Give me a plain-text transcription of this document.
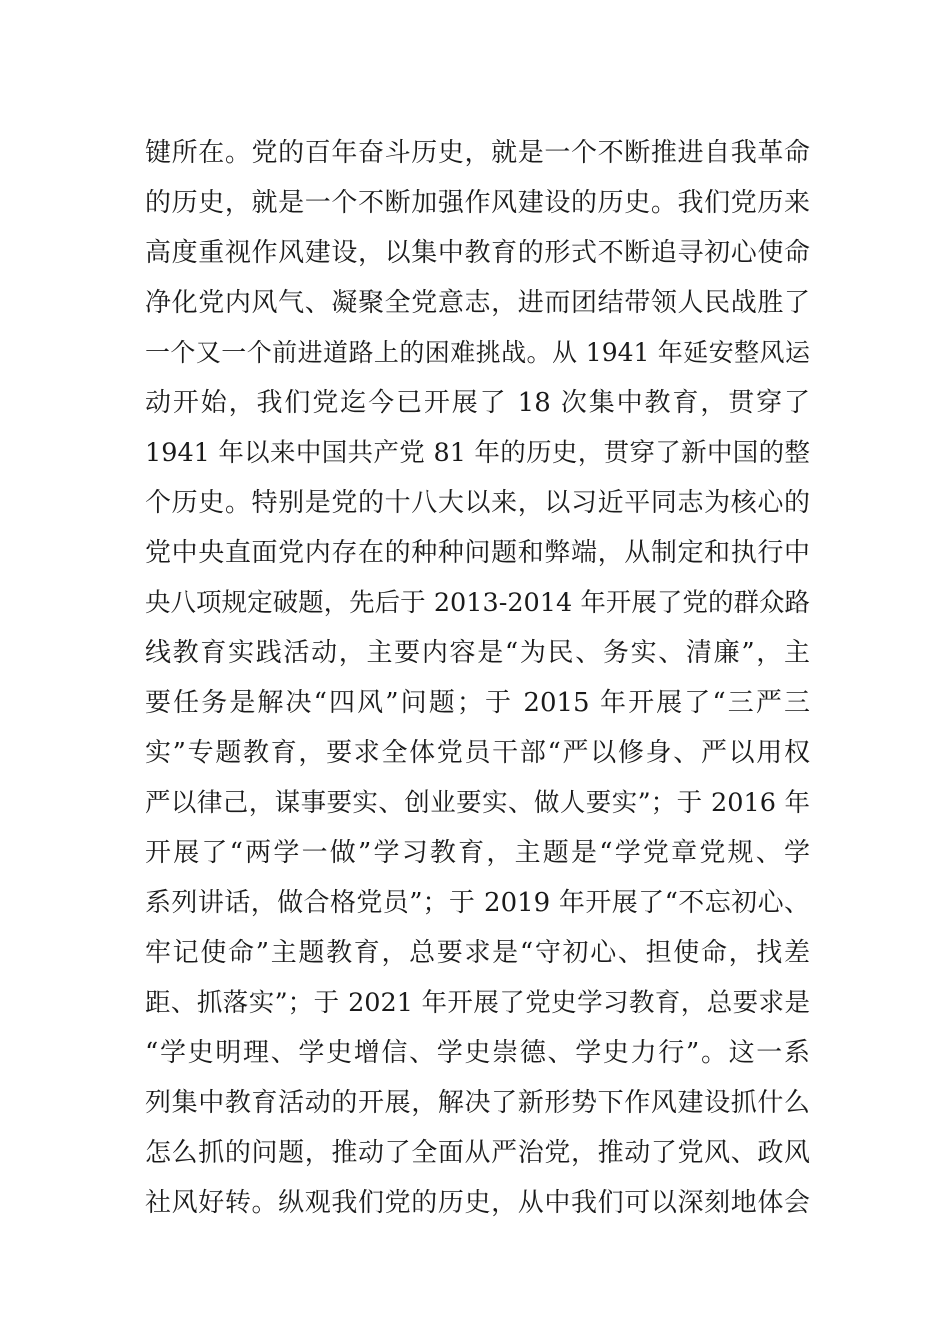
键所在。党的百年奋斗历史，就是一个不断推进自我革命
的历史，就是一个不断加强作风建设的历史。我们党历来
高度重视作风建设，以集中教育的形式不断追寻初心使命
净化党内风气、凝聚全党意志，进而团结带领人民战胜了
一个又一个前进道路上的困难挑战。从 1941 年延安整风运
动开始，我们党迄今已开展了 18 次集中教育，贯穿了
1941 年以来中国共产党 81 年的历史，贯穿了新中国的整
个历史。特别是党的十八大以来，以习近平同志为核心的
党中央直面党内存在的种种问题和弊端，从制定和执行中
央八项规定破题，先后于 2013-2014 年开展了党的群众路
线教育实践活动，主要内容是“为民、务实、清廉”，主
要任务是解决“四风”问题；于 2015 年开展了“三严三
实”专题教育，要求全体党员干部“严以修身、严以用权
严以律己，谋事要实、创业要实、做人要实”；于 2016 年
开展了“两学一做”学习教育，主题是“学党章党规、学
系列讲话，做合格党员”；于 2019 年开展了“不忘初心、
牢记使命”主题教育，总要求是“守初心、担使命，找差
距、抓落实”；于 2021 年开展了党史学习教育，总要求是
“学史明理、学史增信、学史崇德、学史力行”。这一系
列集中教育活动的开展，解决了新形势下作风建设抓什么
怎么抓的问题，推动了全面从严治党，推动了党风、政风
社风好转。纵观我们党的历史，从中我们可以深刻地体会
